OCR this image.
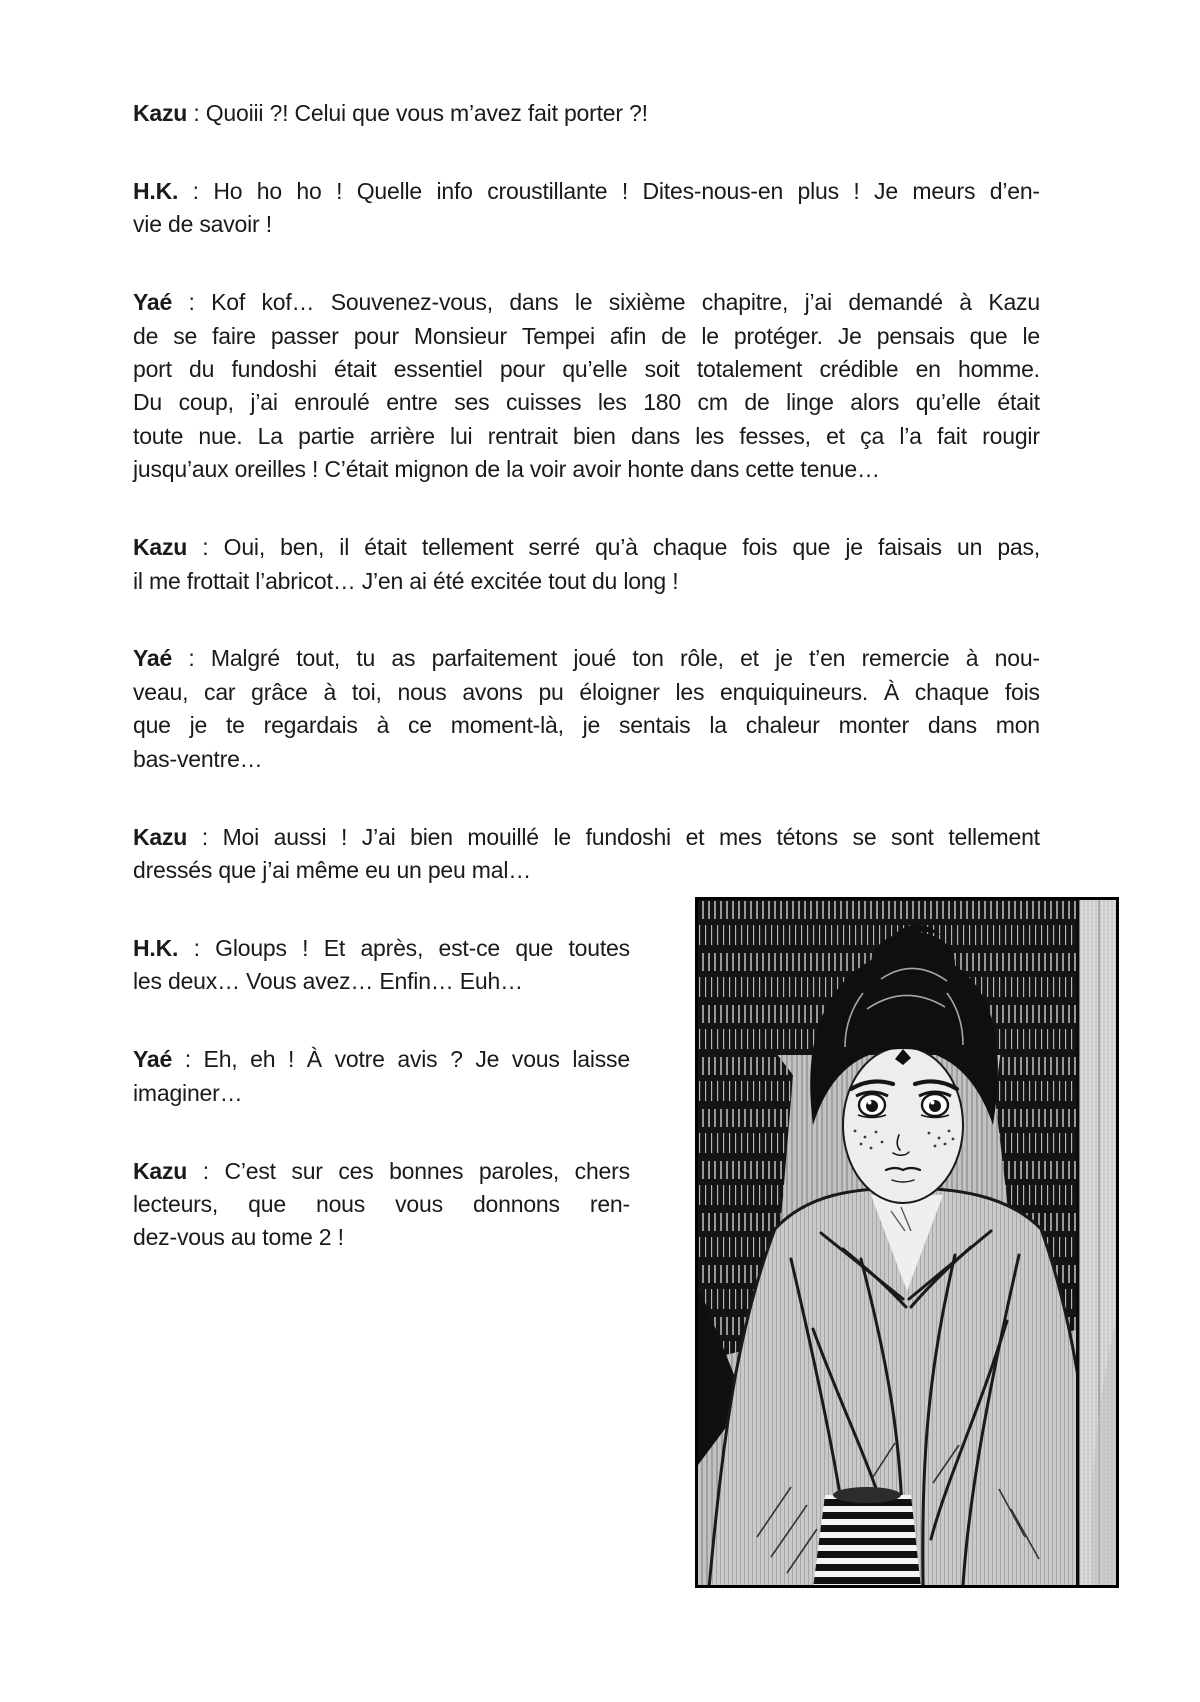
Kazu : Quoiii ?! Celui que vous m’avez fait porter ?!
H.K. : Ho ho ho ! Quelle info croustillante ! Dites-nous-en plus ! Je meurs d’en-
vie de savoir !
Yaé : Kof kof… Souvenez-vous, dans le sixième chapitre, j’ai demandé à Kazu
de se faire passer pour Monsieur Tempei afin de le protéger. Je pensais que le
port du fundoshi était essentiel pour qu’elle soit totalement crédible en homme.
Du coup, j’ai enroulé entre ses cuisses les 180 cm de linge alors qu’elle était
toute nue. La partie arrière lui rentrait bien dans les fesses, et ça l’a fait rougir
jusqu’aux oreilles ! C’était mignon de la voir avoir honte dans cette tenue…
Kazu : Oui, ben, il était tellement serré qu’à chaque fois que je faisais un pas,
il me frottait l’abricot… J’en ai été excitée tout du long !
Yaé : Malgré tout, tu as parfaitement joué ton rôle, et je t’en remercie à nou-
veau, car grâce à toi, nous avons pu éloigner les enquiquineurs. À chaque fois
que je te regardais à ce moment-là, je sentais la chaleur monter dans mon
bas-ventre…
Kazu : Moi aussi ! J’ai bien mouillé le fundoshi et mes tétons se sont tellement
dressés que j’ai même eu un peu mal…
H.K. : Gloups ! Et après, est-ce que toutes
les deux… Vous avez… Enfin… Euh…
Yaé : Eh, eh ! À votre avis ? Je vous laisse
imaginer…
Kazu : C’est sur ces bonnes paroles, chers
lecteurs, que nous vous donnons ren-
dez-vous au tome 2 !
